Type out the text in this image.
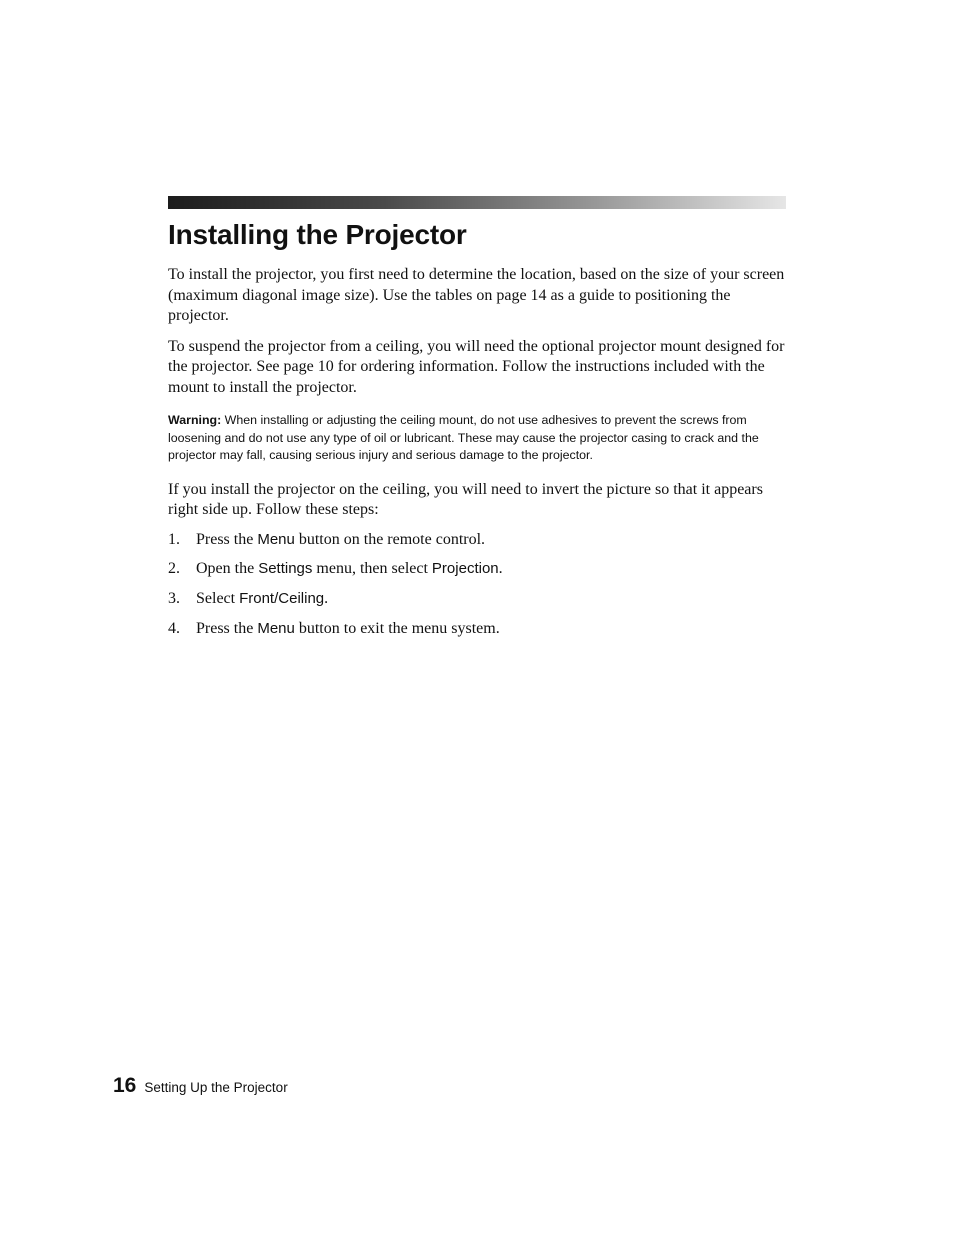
Installing the Projector

To install the projector, you first need to determine the location, based on the size of your screen (maximum diagonal image size). Use the tables on page 14 as a guide to positioning the projector.

To suspend the projector from a ceiling, you will need the optional projector mount designed for the projector. See page 10 for ordering information. Follow the instructions included with the mount to install the projector.

Warning: When installing or adjusting the ceiling mount, do not use adhesives to prevent the screws from loosening and do not use any type of oil or lubricant. These may cause the projector casing to crack and the projector may fall, causing serious injury and serious damage to the projector.

If you install the projector on the ceiling, you will need to invert the picture so that it appears right side up. Follow these steps:

1.	Press the Menu button on the remote control.
2.	Open the Settings menu, then select Projection.
3.	Select Front/Ceiling.
4.	Press the Menu button to exit the menu system.
16 Setting Up the Projector
